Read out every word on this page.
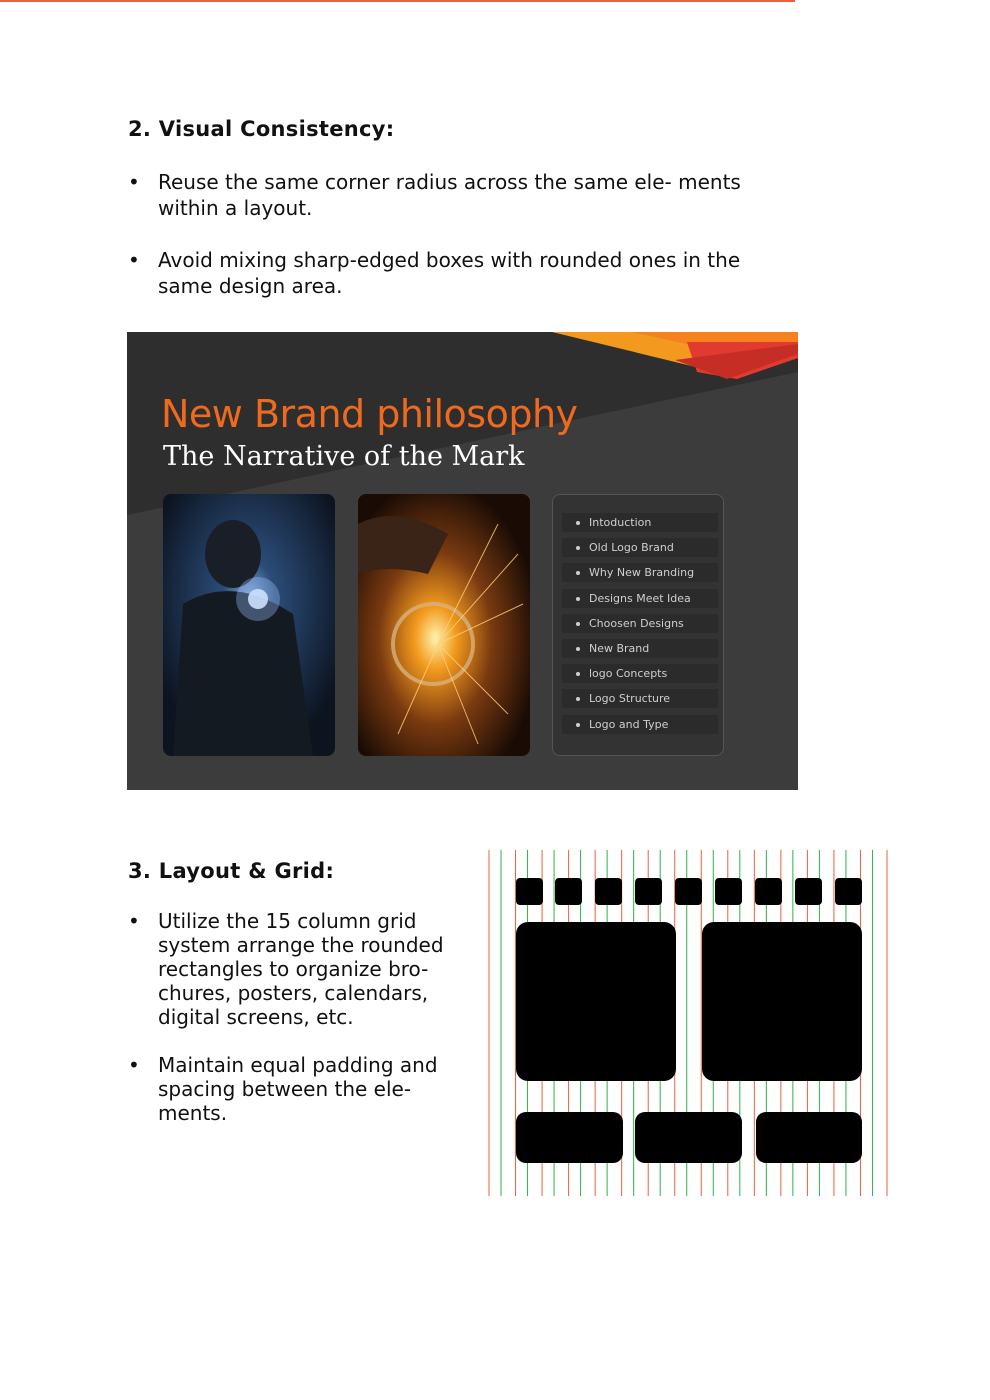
2. Visual Consistency:
• Reuse the same corner radius across the same ele- ments within a layout.
• Avoid mixing sharp-edged boxes with rounded ones in the same design area.
New Brand philosophy
The Narrative of the Mark
Intoduction
Old Logo Brand
Why New Branding
Designs Meet Idea
Choosen Designs
New Brand
logo Concepts
Logo Structure
Logo and Type
3. Layout & Grid:
• Utilize the 15 column grid system arrange the rounded rectangles to organize bro- chures, posters, calendars, digital screens, etc.
• Maintain equal padding and spacing between the ele- ments.
